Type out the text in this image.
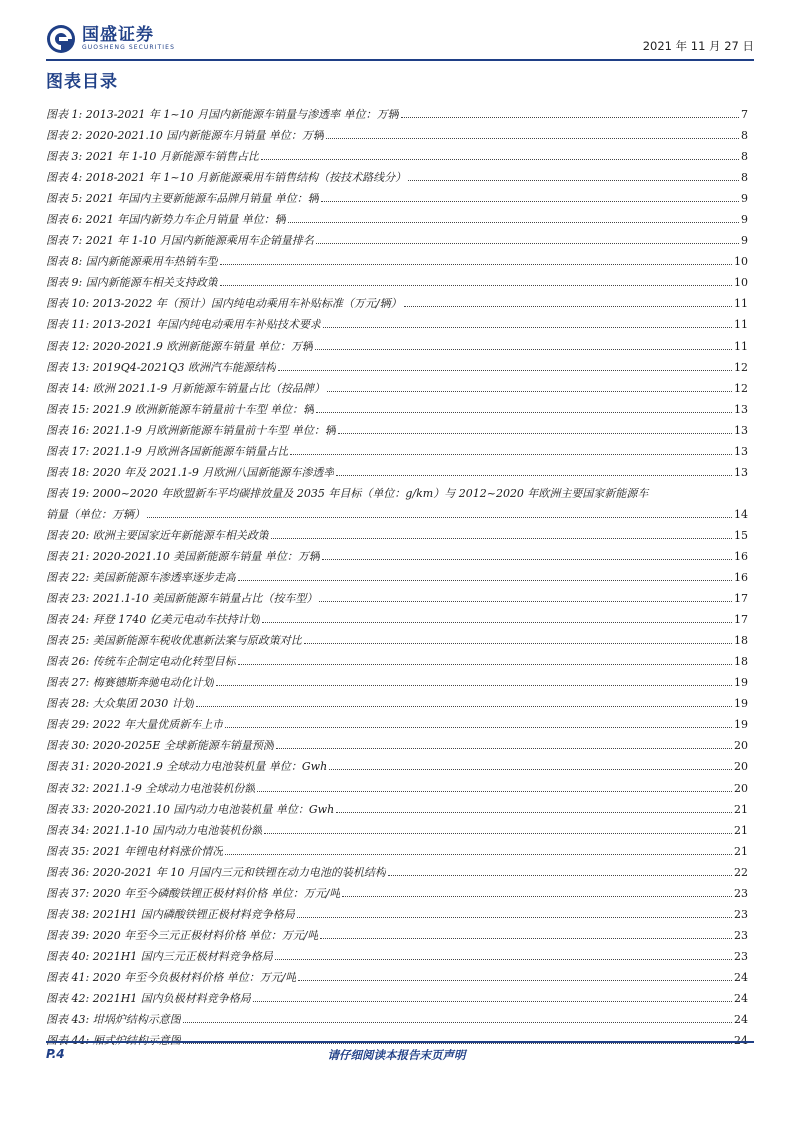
国盛证券
GUOSHENG SECURITIES	2021 年 11 月 27 日
图表目录
图表 1: 2013-2021 年 1~10 月国内新能源车销量与渗透率 单位：万辆	7
图表 2: 2020-2021.10 国内新能源车月销量 单位：万辆	8
图表 3: 2021 年 1-10 月新能源车销售占比	8
图表 4: 2018-2021 年 1~10 月新能源乘用车销售结构（按技术路线分）	8
图表 5: 2021 年国内主要新能源车品牌月销量 单位：辆	9
图表 6: 2021 年国内新势力车企月销量 单位：辆	9
图表 7: 2021 年 1-10 月国内新能源乘用车企销量排名	9
图表 8: 国内新能源乘用车热销车型	10
图表 9: 国内新能源车相关支持政策	10
图表 10: 2013-2022 年（预计）国内纯电动乘用车补贴标准（万元/辆）	11
图表 11: 2013-2021 年国内纯电动乘用车补贴技术要求	11
图表 12: 2020-2021.9 欧洲新能源车销量 单位：万辆	11
图表 13: 2019Q4-2021Q3 欧洲汽车能源结构	12
图表 14: 欧洲 2021.1-9 月新能源车销量占比（按品牌）	12
图表 15: 2021.9 欧洲新能源车销量前十车型 单位：辆	13
图表 16: 2021.1-9 月欧洲新能源车销量前十车型 单位：辆	13
图表 17: 2021.1-9 月欧洲各国新能源车销量占比	13
图表 18: 2020 年及 2021.1-9 月欧洲八国新能源车渗透率	13
图表 19: 2000~2020 年欧盟新车平均碳排放量及 2035 年目标（单位：g/km）与 2012~2020 年欧洲主要国家新能源车
销量（单位：万辆）	14
图表 20: 欧洲主要国家近年新能源车相关政策	15
图表 21: 2020-2021.10 美国新能源车销量 单位：万辆	16
图表 22: 美国新能源车渗透率逐步走高	16
图表 23: 2021.1-10 美国新能源车销量占比（按车型）	17
图表 24: 拜登 1740 亿美元电动车扶持计划	17
图表 25: 美国新能源车税收优惠新法案与原政策对比	18
图表 26: 传统车企制定电动化转型目标	18
图表 27: 梅赛德斯奔驰电动化计划	19
图表 28: 大众集团 2030 计划	19
图表 29: 2022 年大量优质新车上市	19
图表 30: 2020-2025E 全球新能源车销量预测	20
图表 31: 2020-2021.9 全球动力电池装机量 单位：Gwh	20
图表 32: 2021.1-9 全球动力电池装机份额	20
图表 33: 2020-2021.10 国内动力电池装机量 单位：Gwh	21
图表 34: 2021.1-10 国内动力电池装机份额	21
图表 35: 2021 年锂电材料涨价情况	21
图表 36: 2020-2021 年 10 月国内三元和铁锂在动力电池的装机结构	22
图表 37: 2020 年至今磷酸铁锂正极材料价格 单位：万元/吨	23
图表 38: 2021H1 国内磷酸铁锂正极材料竞争格局	23
图表 39: 2020 年至今三元正极材料价格 单位：万元/吨	23
图表 40: 2021H1 国内三元正极材料竞争格局	23
图表 41: 2020 年至今负极材料价格 单位：万元/吨	24
图表 42: 2021H1 国内负极材料竞争格局	24
图表 43: 坩埚炉结构示意图	24
P.4	请仔细阅读本报告末页声明
